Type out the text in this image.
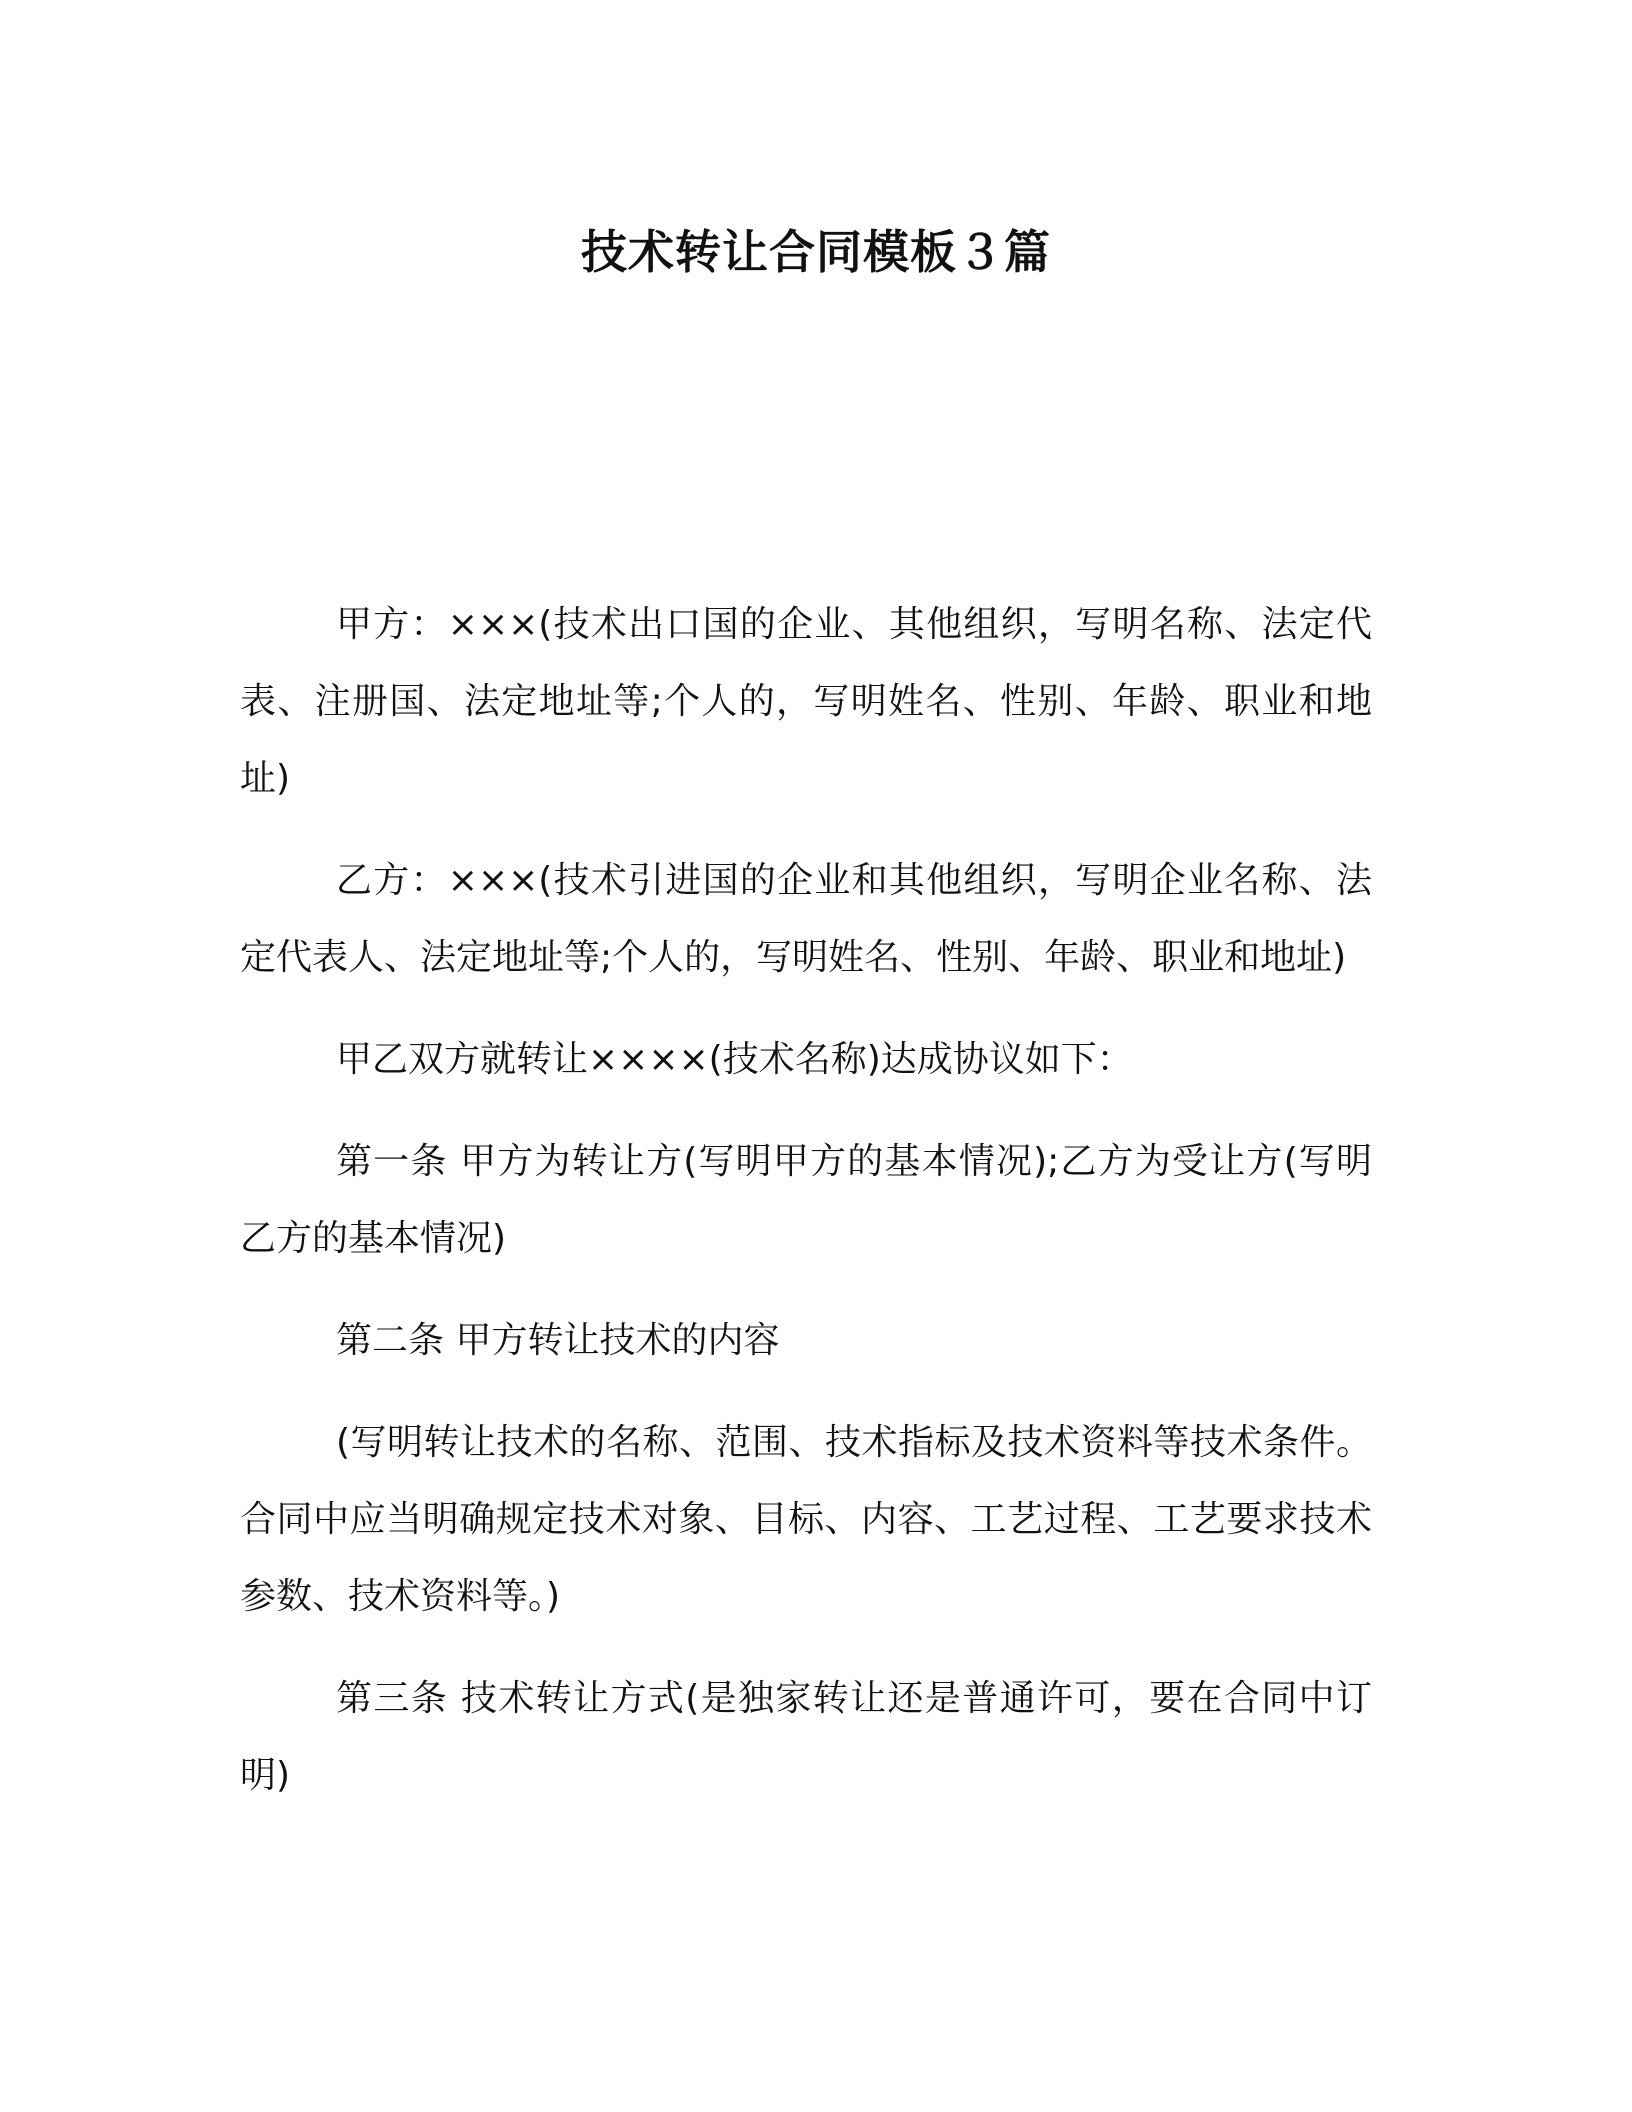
技术转让合同模板３篇

甲方：×××(技术出口国的企业、其他组织，写明名称、法定代表、注册国、法定地址等;个人的，写明姓名、性别、年龄、职业和地址)

乙方：×××(技术引进国的企业和其他组织，写明企业名称、法定代表人、法定地址等;个人的，写明姓名、性别、年龄、职业和地址)

甲乙双方就转让××××(技术名称)达成协议如下：

第一条 甲方为转让方(写明甲方的基本情况);乙方为受让方(写明乙方的基本情况)

第二条 甲方转让技术的内容

(写明转让技术的名称、范围、技术指标及技术资料等技术条件。合同中应当明确规定技术对象、目标、内容、工艺过程、工艺要求技术参数、技术资料等。)

第三条 技术转让方式(是独家转让还是普通许可，要在合同中订明)
